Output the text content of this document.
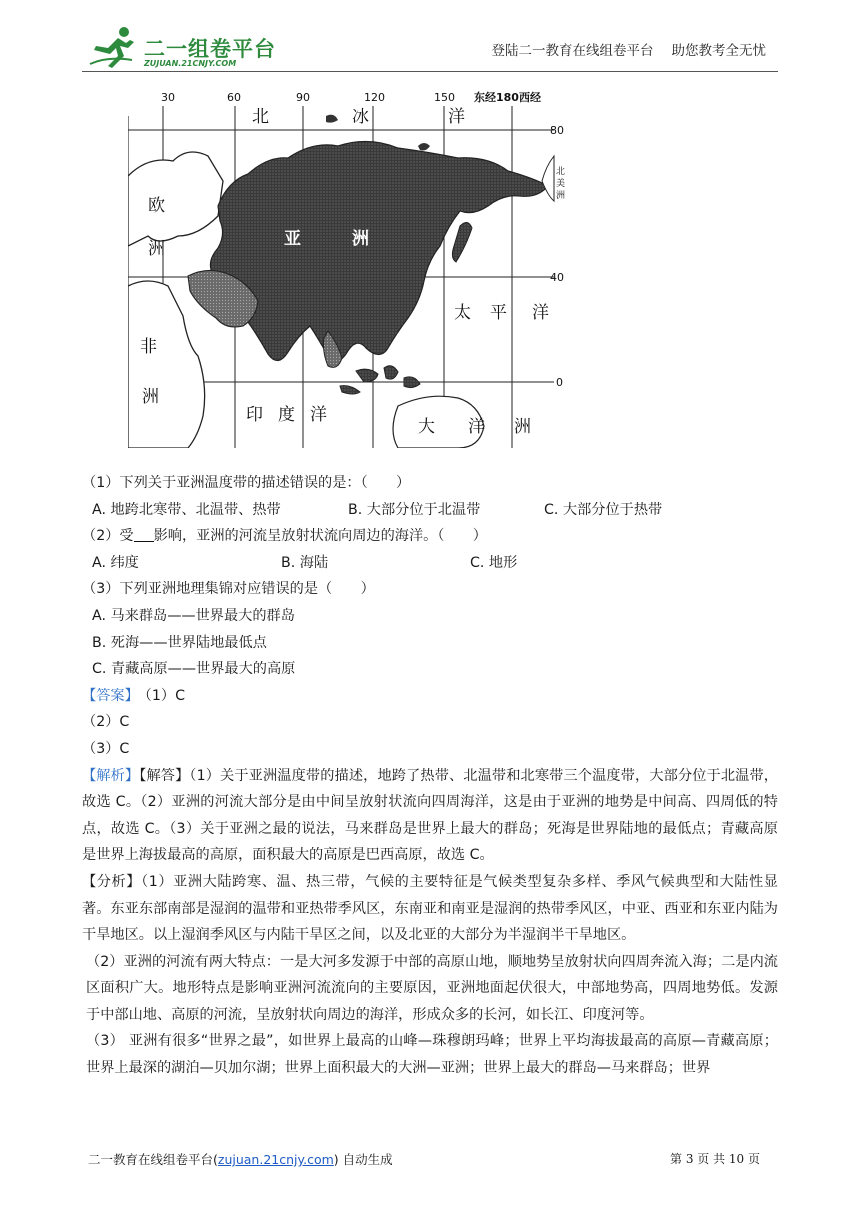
二一组卷平台
ZUJUAN.21CNJY.COM
登陆二一教育在线组卷平台 助您教考全无忧
30	60	90	120	150 东经180西经
80
40
0
北	冰	洋
欧
洲	亚	洲
非
洲
太 平 洋
印 度 洋
大 洋 洲
北
美
洲
（1）下列关于亚洲温度带的描述错误的是：（　　）
A. 地跨北寒带、北温带、热带	B. 大部分位于北温带	C. 大部分位于热带
（2）受 影响，亚洲的河流呈放射状流向周边的海洋。（　　）
A. 纬度	B. 海陆	C. 地形
（3）下列亚洲地理集锦对应错误的是（　　）
A. 马来群岛——世界最大的群岛
B. 死海——世界陆地最低点
C. 青藏高原——世界最大的高原
【答案】 （1）C
（2）C
（3）C
【解析】【解答】（1）关于亚洲温度带的描述，地跨了热带、北温带和北寒带三个温度带，大部分位于北温带，故选 C。（2）亚洲的河流大部分是由中间呈放射状流向四周海洋，这是由于亚洲的地势是中间高、四周低的特点，故选 C。（3）关于亚洲之最的说法，马来群岛是世界上最大的群岛；死海是世界陆地的最低点；青藏高原是世界上海拔最高的高原，面积最大的高原是巴西高原，故选 C。
【分析】（1）亚洲大陆跨寒、温、热三带，气候的主要特征是气候类型复杂多样、季风气候典型和大陆性显著。东亚东部南部是湿润的温带和亚热带季风区，东南亚和南亚是湿润的热带季风区，中亚、西亚和东亚内陆为干旱地区。以上湿润季风区与内陆干旱区之间，以及北亚的大部分为半湿润半干旱地区。
（2）亚洲的河流有两大特点：一是大河多发源于中部的高原山地，顺地势呈放射状向四周奔流入海；二是内流区面积广大。地形特点是影响亚洲河流流向的主要原因，亚洲地面起伏很大，中部地势高，四周地势低。发源于中部山地、高原的河流，呈放射状向周边的海洋，形成众多的长河，如长江、印度河等。
（3） 亚洲有很多“世界之最”，如世界上最高的山峰—珠穆朗玛峰；世界上平均海拔最高的高原—青藏高原；世界上最深的湖泊—贝加尔湖；世界上面积最大的大洲—亚洲；世界上最大的群岛—马来群岛；世界
二一教育在线组卷平台(zujuan.21cnjy.com) 自动生成	第 3 页 共 10 页
